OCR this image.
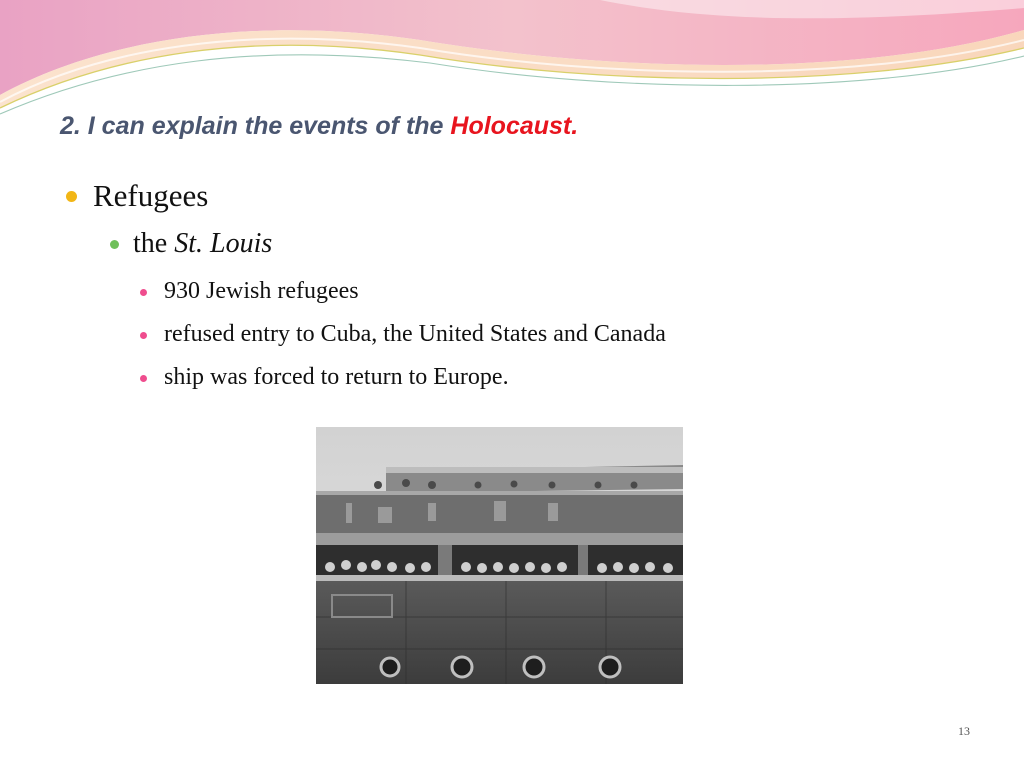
2. I can explain the events of the Holocaust.
Refugees
the St. Louis
930 Jewish refugees
refused entry to Cuba, the United States and Canada
ship was forced to return to Europe.
13
